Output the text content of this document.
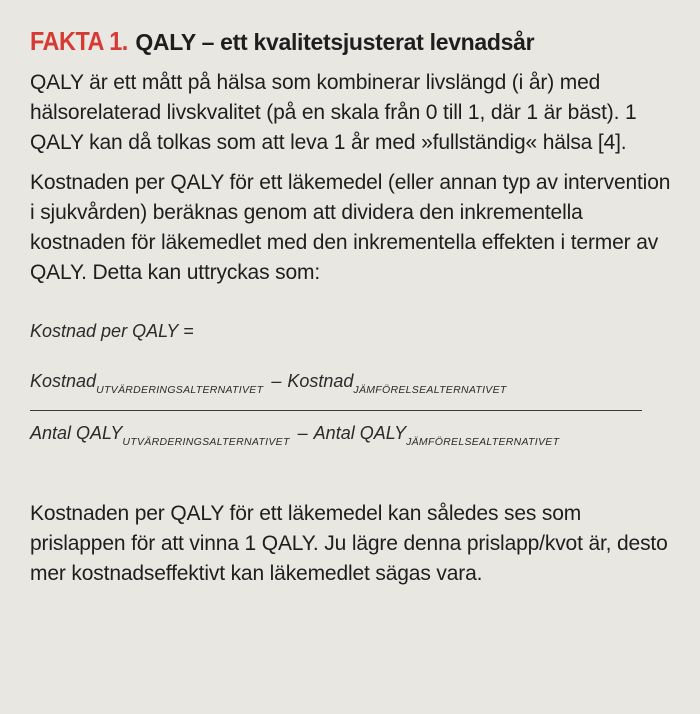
FAKTA 1. QALY – ett kvalitetsjusterat levnadsår

QALY är ett mått på hälsa som kombinerar livslängd (i år) med hälsorelaterad livskvalitet (på en skala från 0 till 1, där 1 är bäst). 1 QALY kan då tolkas som att leva 1 år med »fullständig« hälsa [4].

Kostnaden per QALY för ett läkemedel (eller annan typ av intervention i sjukvården) beräknas genom att dividera den inkrementella kostnaden för läkemedlet med den inkrementella effekten i termer av QALY. Detta kan uttryckas som:

Kostnad per QALY =
Kostnad$_{UTVÄRDERINGSALTERNATIVET}$ – Kostnad$_{JÄMFÖRELSEALTERNATIVET}$
Antal $QALY_{UTVÄRDERINGSALTERNATIVET}$ – Antal $QALY_{JÄMFÖRELSEALTERNATIVET}$

Kostnaden per QALY för ett läkemedel kan således ses som prislappen för att vinna 1 QALY. Ju lägre denna prislapp/kvot är, desto mer kostnadseffektivt kan läkemedlet sägas vara.
